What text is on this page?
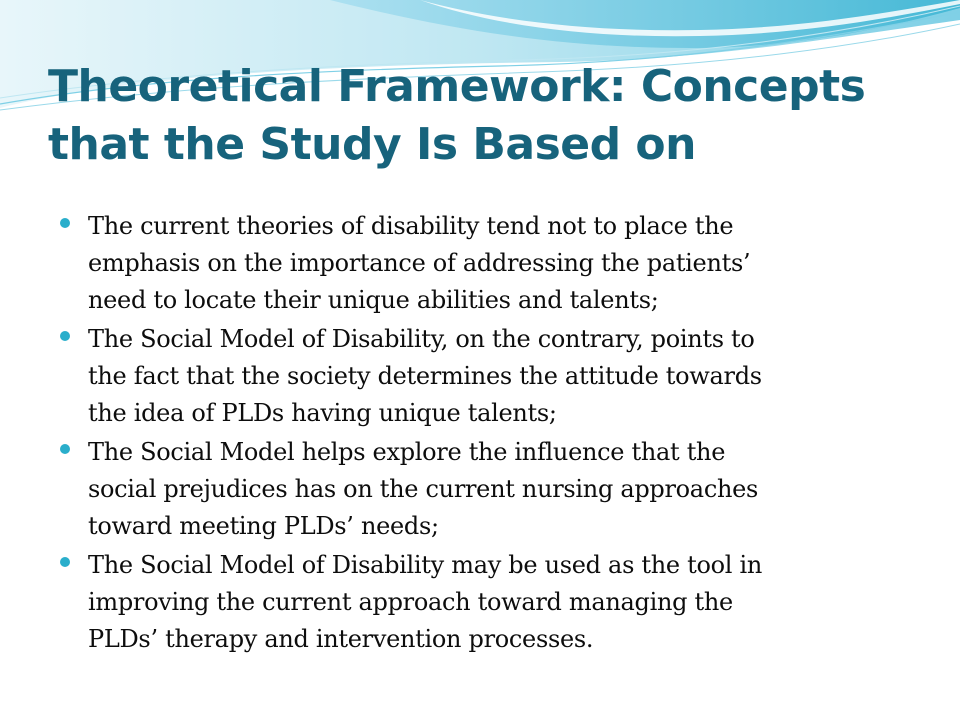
Theoretical Framework: Concepts
that the Study Is Based on
The current theories of disability tend not to place the
emphasis on the importance of addressing the patients’
need to locate their unique abilities and talents;
The Social Model of Disability, on the contrary, points to
the fact that the society determines the attitude towards
the idea of PLDs having unique talents;
The Social Model helps explore the influence that the
social prejudices has on the current nursing approaches
toward meeting PLDs’ needs;
The Social Model of Disability may be used as the tool in
improving the current approach toward managing the
PLDs’ therapy and intervention processes.
